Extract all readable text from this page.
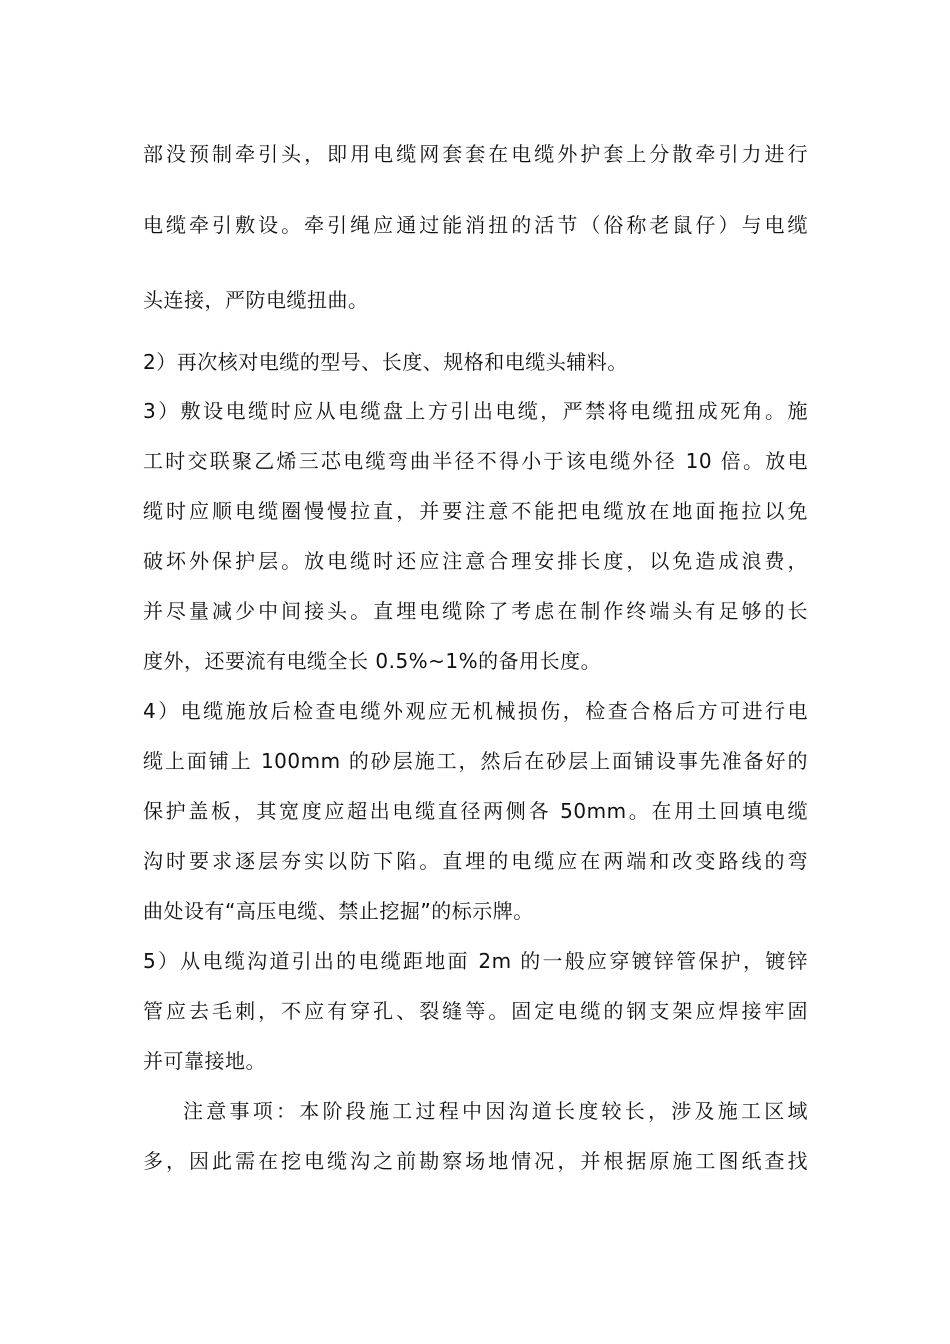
部没预制牵引头，即用电缆网套套在电缆外护套上分散牵引力进行
电缆牵引敷设。牵引绳应通过能消扭的活节（俗称老鼠仔）与电缆
头连接，严防电缆扭曲。
2）再次核对电缆的型号、长度、规格和电缆头辅料。
3）敷设电缆时应从电缆盘上方引出电缆，严禁将电缆扭成死角。施
工时交联聚乙烯三芯电缆弯曲半径不得小于该电缆外径 10 倍。放电
缆时应顺电缆圈慢慢拉直，并要注意不能把电缆放在地面拖拉以免
破坏外保护层。放电缆时还应注意合理安排长度，以免造成浪费，
并尽量减少中间接头。直埋电缆除了考虑在制作终端头有足够的长
度外，还要流有电缆全长 0.5%~1%的备用长度。
4）电缆施放后检查电缆外观应无机械损伤，检查合格后方可进行电
缆上面铺上 100mm 的砂层施工，然后在砂层上面铺设事先准备好的
保护盖板，其宽度应超出电缆直径两侧各 50mm。在用土回填电缆
沟时要求逐层夯实以防下陷。直埋的电缆应在两端和改变路线的弯
曲处设有“高压电缆、禁止挖掘”的标示牌。
5）从电缆沟道引出的电缆距地面 2m 的一般应穿镀锌管保护，镀锌
管应去毛刺，不应有穿孔、裂缝等。固定电缆的钢支架应焊接牢固
并可靠接地。
注意事项：本阶段施工过程中因沟道长度较长，涉及施工区域
多，因此需在挖电缆沟之前勘察场地情况，并根据原施工图纸查找
